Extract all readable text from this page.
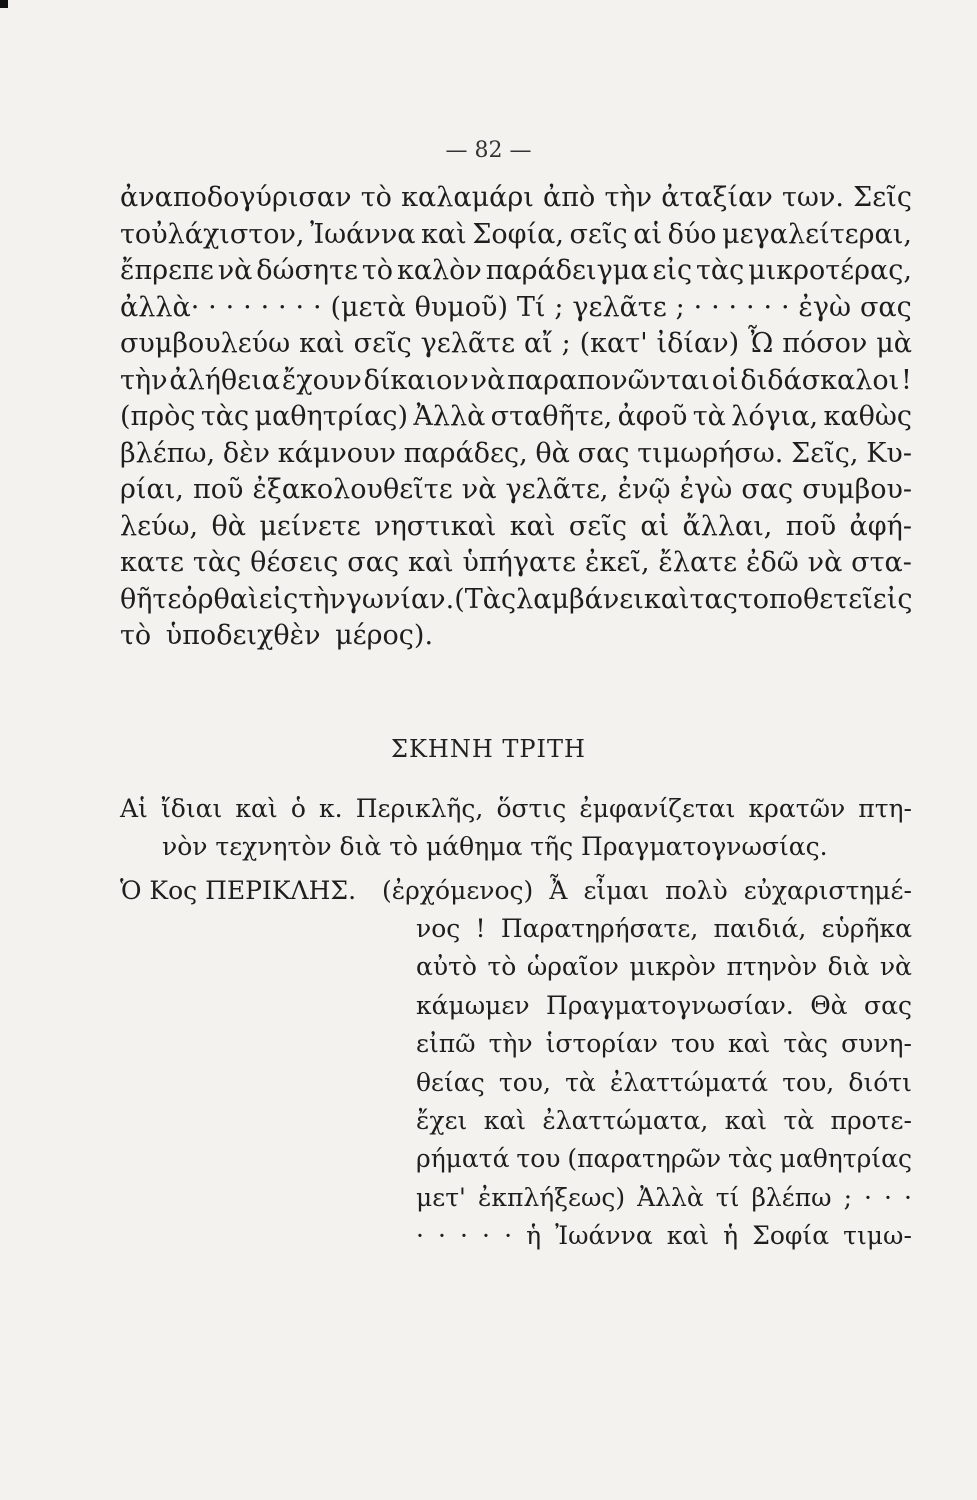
— 82 —
ἀναποδογύρισαν τὸ καλαμάρι ἀπὸ τὴν ἀταξίαν των. Σεῖς
τοὐλάχιστον, Ἰωάννα καὶ Σοφία, σεῖς αἱ δύο μεγαλείτεραι,
ἔπρεπε νὰ δώσητε τὸ καλὸν παράδειγμα εἰς τὰς μικροτέρας,
ἀλλὰ· · · · · · · · (μετὰ θυμοῦ) Τί ; γελᾶτε ; · · · · · · ἐγὼ σας
συμβουλεύω καὶ σεῖς γελᾶτε αἴ ; (κατ' ἰδίαν) Ὦ πόσον μὰ
τὴν ἀλήθεια ἔχουν δίκαιον νὰ παραπονῶνται οἱ διδάσκαλοι !
(πρὸς τὰς μαθητρίας) Ἀλλὰ σταθῆτε, ἀφοῦ τὰ λόγια, καθὼς
βλέπω, δὲν κάμνουν παράδες, θὰ σας τιμωρήσω. Σεῖς, Κυ-
ρίαι, ποῦ ἐξακολουθεῖτε νὰ γελᾶτε, ἐνῷ ἐγὼ σας συμβου-
λεύω, θὰ μείνετε νηστικαὶ καὶ σεῖς αἱ ἄλλαι, ποῦ ἀφή-
κατε τὰς θέσεις σας καὶ ὑπήγατε ἐκεῖ, ἔλατε ἐδῶ νὰ στα-
θῆτε ὀρθαὶ εἰς τὴν γωνίαν. (Τὰς λαμβάνει καὶ τας τοποθετεῖ εἰς
τὸ ὑποδειχθὲν μέρος).
ΣΚΗΝΗ ΤΡΙΤΗ
Αἱ ἴδιαι καὶ ὁ κ. Περικλῆς, ὅστις ἐμφανίζεται κρατῶν πτη-
νὸν τεχνητὸν διὰ τὸ μάθημα τῆς Πραγματογνωσίας.
Ὁ Κος ΠΕΡΙΚΛΗΣ.	(ἐρχόμενος) Ἆ εἶμαι πολὺ εὐχαριστημέ-
νος ! Παρατηρήσατε, παιδιά, εὑρῆκα
αὐτὸ τὸ ὡραῖον μικρὸν πτηνὸν διὰ νὰ
κάμωμεν Πραγματογνωσίαν. Θὰ σας
εἰπῶ τὴν ἱστορίαν του καὶ τὰς συνη-
θείας του, τὰ ἐλαττώματά του, διότι
ἔχει καὶ ἐλαττώματα, καὶ τὰ προτε-
ρήματά του (παρατηρῶν τὰς μαθητρίας
μετ' ἐκπλήξεως) Ἀλλὰ τί βλέπω ; · · ·
· · · · · ἡ Ἰωάννα καὶ ἡ Σοφία τιμω-
